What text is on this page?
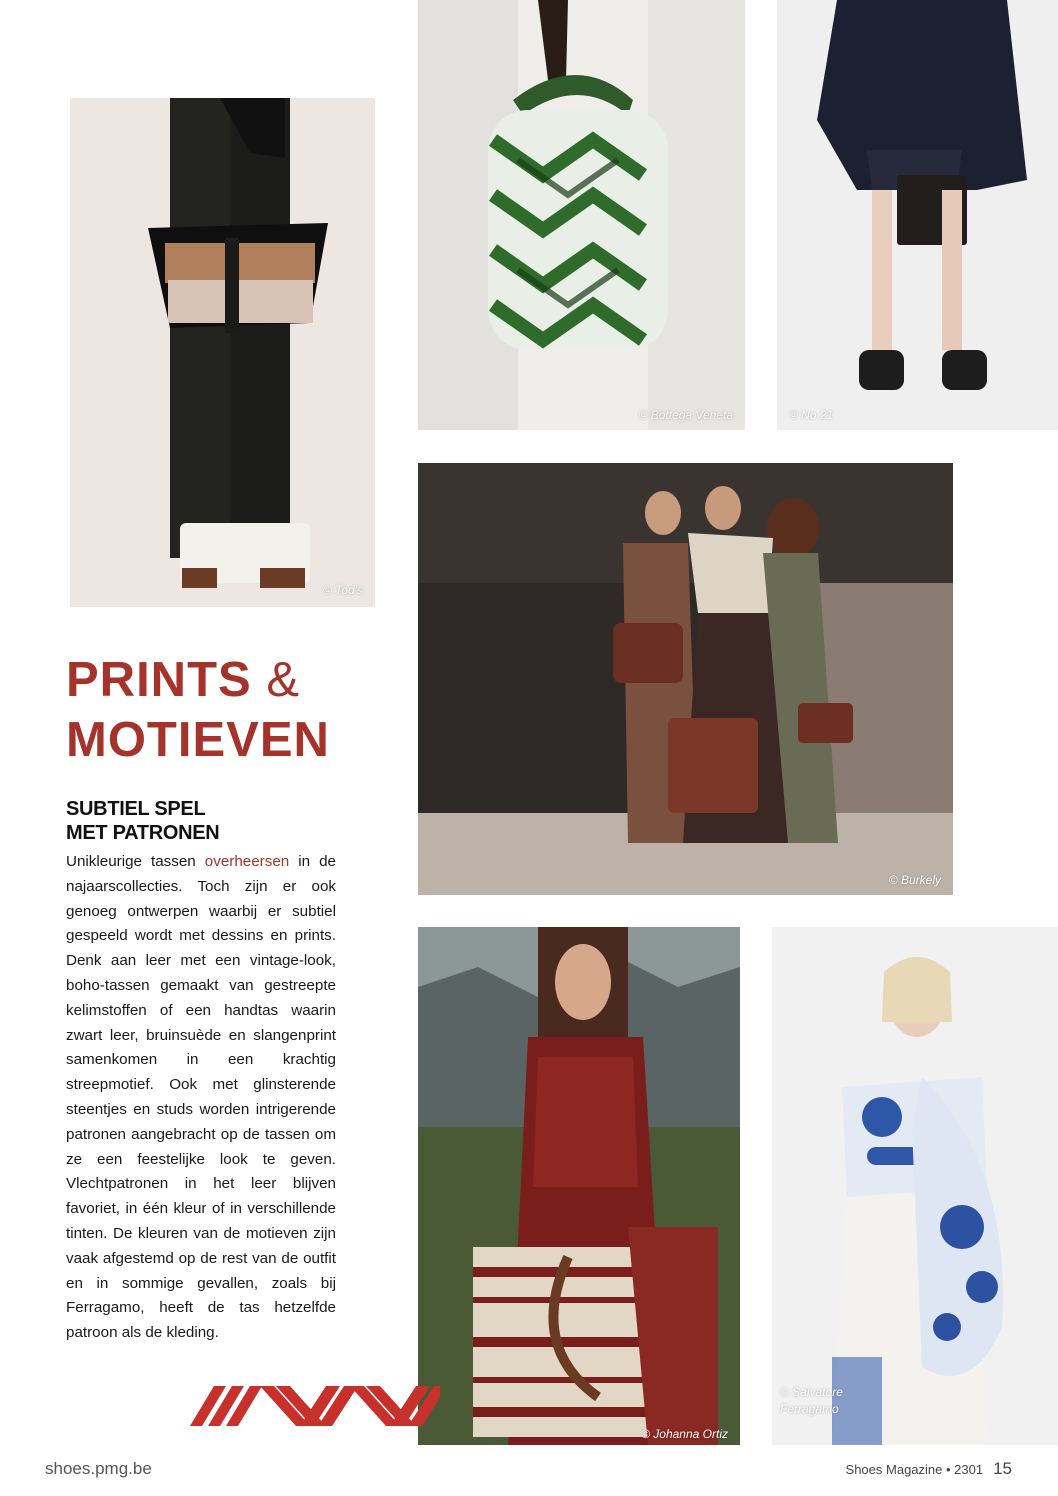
© Tod's
© Bottega Veneta	© No 21
© Burkely
© Johanna Ortiz
© Salvatore
Ferragamo
PRINTS &
MOTIEVEN
SUBTIEL SPEL
MET PATRONEN

Unikleurige tassen overheersen in de najaarscollecties. Toch zijn er ook genoeg ontwerpen waarbij er subtiel gespeeld wordt met dessins en prints. Denk aan leer met een vintage-look, boho-tassen gemaakt van gestreepte kelimstoffen of een handtas waarin zwart leer, bruinsuède en slangenprint samenkomen in een krachtig streepmotief. Ook met glinsterende steentjes en studs worden intrigerende patronen aangebracht op de tassen om ze een feestelijke look te geven. Vlechtpatronen in het leer blijven favoriet, in één kleur of in verschillende tinten. De kleuren van de motieven zijn vaak afgestemd op de rest van de outfit en in sommige gevallen, zoals bij Ferragamo, heeft de tas hetzelfde patroon als de kleding.

shoes.pmg.be	Shoes Magazine • 2301 15
